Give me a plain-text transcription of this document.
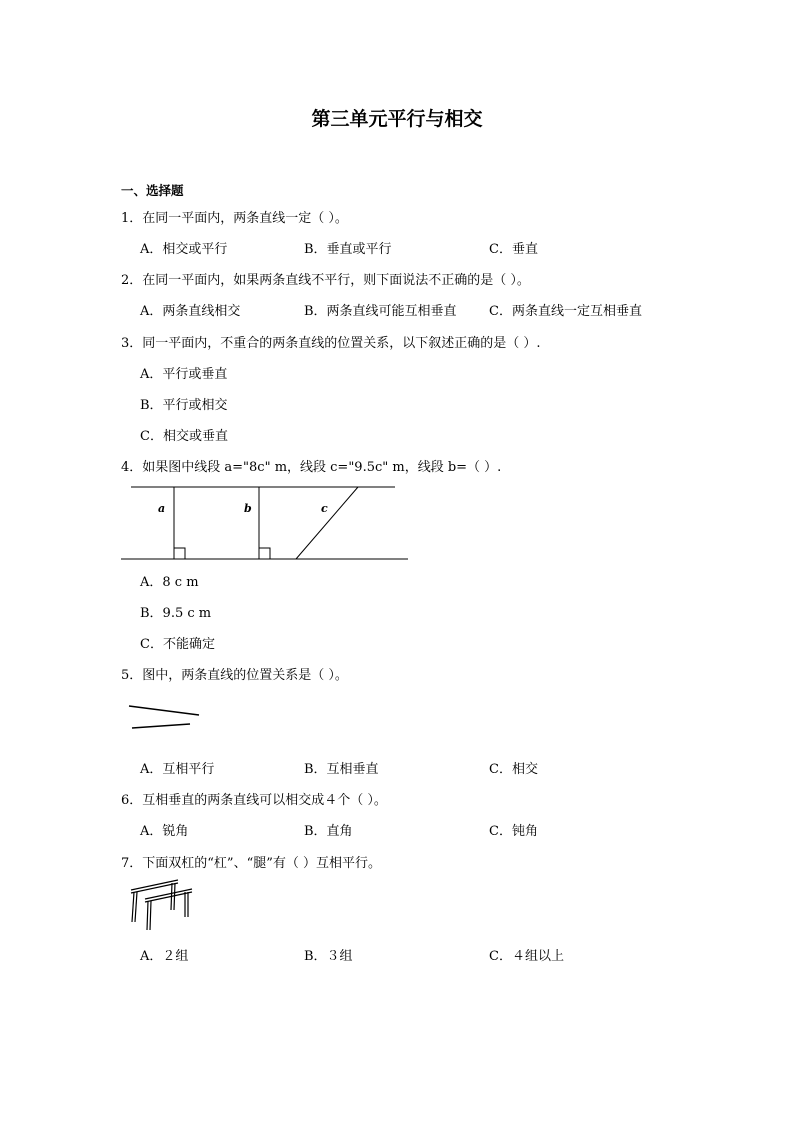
第三单元平行与相交
一、选择题
1．在同一平面内，两条直线一定（ ）。
A．相交或平行	B．垂直或平行	C．垂直
2．在同一平面内，如果两条直线不平行，则下面说法不正确的是（ ）。
A．两条直线相交	B．两条直线可能互相垂直 C．两条直线一定互相垂直
3．同一平面内，不重合的两条直线的位置关系，以下叙述正确的是（ ）.
A．平行或垂直
B．平行或相交
C．相交或垂直
4．如果图中线段 a="8c" m，线段 c="9.5c" m，线段 b=（ ）.
a	b	c
A．8 c m
B．9.5 c m
C．不能确定
5．图中，两条直线的位置关系是（ ）。
A．互相平行	B．互相垂直	C．相交
6．互相垂直的两条直线可以相交成４个（ ）。
A．锐角	B．直角	C．钝角
7．下面双杠的“杠”、“腿”有（ ）互相平行。
A．２组	B．３组	C．４组以上
